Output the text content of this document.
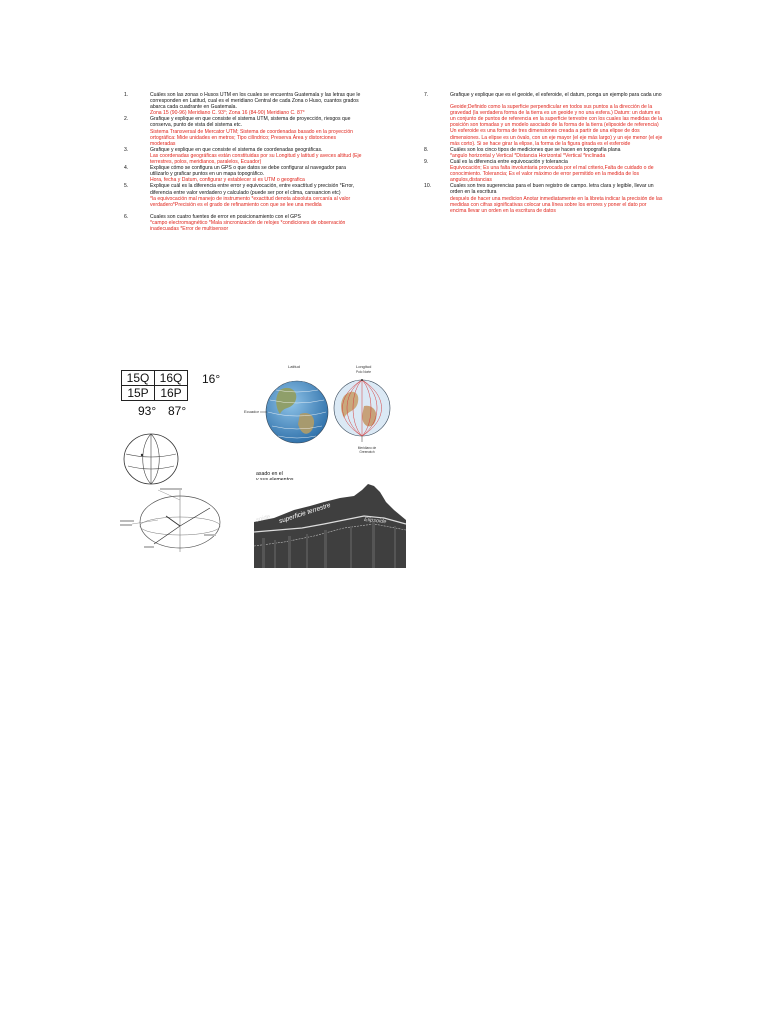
1.	Cuáles son las zonas o Husos UTM en los cuales se encuentra Guatemala y las letras que le corresponden en Latitud, cual es el meridiano Central de cada Zona o Huso, cuantos grados abarca cada cuadrante en Guatemala.
Zona 15 (90-96) Meridiano C. 93°; Zona 16 (84-90) Meridiano C. 87°
2.	Grafique y explique en que consiste el sistema UTM, sistema de proyección, riesgos que conserva, punto de vista del sistema etc.
Sistema Transversal de Mercator UTM; Sistema de coordenadas basado en la proyección ortográfica: Mide unidades en metros; Tipo cilíndrico; Preserva Área y distorciones moderadas
3.	Grafique y explique en que consiste el sistema de coordenadas geográficas.
Las coordenadas geográficas están constituidas por su Longitud y latitud y aveces altitud (Eje terrestres, polos, meridianos, paralelos, Ecuador)
4.	Explique cómo se configura un GPS o que datos se debe configurar al navegador para utilizarlo y graficar puntos en un mapa topográfico.
Hora, fecha y Datum, configurar y establecer si es UTM o geografica
5.	Explique cuál es la diferencia entre error y equivocación, entre exactitud y precisión *Error, diferencia entre valor verdadero y calculado (puede ser por el clima, cansancion etc)
*la equivocación mal manejo de instrumento *exactitud denota absoluta cercanía al valor verdadero*Precisión es el grado de refinamiento con que se lee una medida
6.	Cuales son cuatro fuentes de error en posicionamiento con el GPS
*campo electromagnético *Mala sincronización de relojes *condiciones de observación inadecuadas *Error de multisensor
7.	Grafique y explique que es el geoide, el esferoide, el datum, ponga un ejemplo para cada uno
Geoide;Definido como la superficie perpendicular en todos sus puntos a la dirección de la gravedad (la verdadera forma de la tierra es un geoide y no una esfera.) Datum: un datum es un conjunto de puntos de referencia en la superficie terrestre con los cuales las medidas de la posición son tomadas y un modelo asociado de la forma de la tierra (elipsoide de referencia) Un esferoide es una forma de tres dimensiones creada a partir de una elipse de dos dimensiones. La elipse es un óvalo, con un eje mayor (el eje más largo) y un eje menor (el eje más corto). Si se hace girar la elipse, la forma de la figura girada es el esferoide
8.	Cuáles son los cinco tipos de mediciones que se hacen en topografía plana
*angulo horizontal y Vertical *Distancia Horizontal *Vertical *inclinada
9.	Cuál es la diferencia entre equivocación y tolerancia
Equivocación; Es una falta involuntaria provocada por el mal criterio,Falta de cuidado o de conocimiento. Tolerancia; Es el valor máximo de error permitido en la medida de los angulos,distancias
10.	Cuales son tres sugerencias para el buen registro de campo. letra clara y legible, llevar un orden en la escritura
después de hacer una medicion Anotar inmediatamente en la libreta indicar la precisión de las medidas con cifras significativas colocar una línea sobre los errores y poner el dato por encima llevar un orden en la escritura de datos
15Q	16Q
15P	16P
16°
93° 87°
Latitud	Longitud
Polo Norte
Ecuador
Meridiano de Greenwich
asado en el
soide superficie terrestre	Elipsoide
